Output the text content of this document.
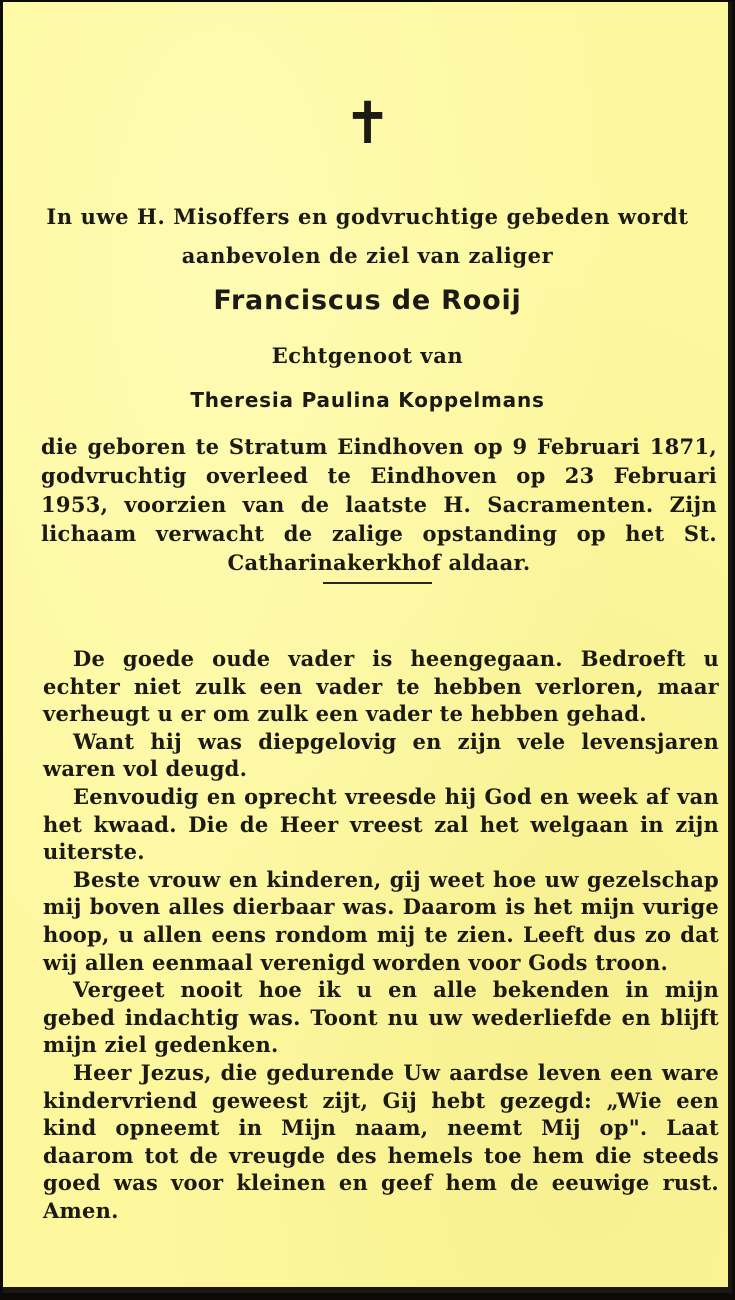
✝

In uwe H. Misoffers en godvruchtige gebeden wordt

aanbevolen de ziel van zaliger

Franciscus de Rooij

Echtgenoot van

Theresia Paulina Koppelmans

die geboren te Stratum Eindhoven op 9 Februari 1871, godvruchtig overleed te Eindhoven op 23 Februari 1953, voorzien van de laatste H. Sacramenten. Zijn lichaam verwacht de zalige opstanding op het St. Catharinakerkhof aldaar.

De goede oude vader is heengegaan. Bedroeft u echter niet zulk een vader te hebben verloren, maar verheugt u er om zulk een vader te hebben gehad.

Want hij was diepgelovig en zijn vele levensjaren waren vol deugd.

Eenvoudig en oprecht vreesde hij God en week af van het kwaad. Die de Heer vreest zal het welgaan in zijn uiterste.

Beste vrouw en kinderen, gij weet hoe uw gezelschap mij boven alles dierbaar was. Daarom is het mijn vurige hoop, u allen eens rondom mij te zien. Leeft dus zo dat wij allen eenmaal verenigd worden voor Gods troon.

Vergeet nooit hoe ik u en alle bekenden in mijn gebed indachtig was. Toont nu uw wederliefde en blijft mijn ziel gedenken.

Heer Jezus, die gedurende Uw aardse leven een ware kindervriend geweest zijt, Gij hebt gezegd: „Wie een kind opneemt in Mijn naam, neemt Mij op". Laat daarom tot de vreugde des hemels toe hem die steeds goed was voor kleinen en geef hem de eeuwige rust. Amen.
